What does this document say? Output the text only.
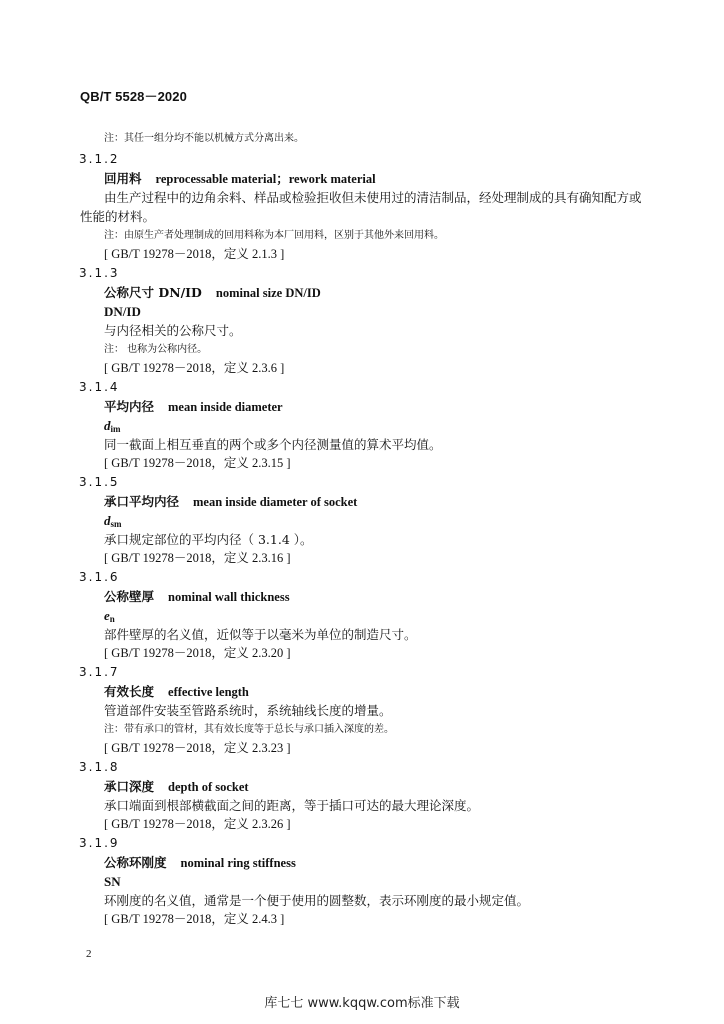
QB/T 5528－2020
注：其任一组分均不能以机械方式分离出来。
3.1.2
回用料 reprocessable material；rework material
由生产过程中的边角余料、样品或检验拒收但未使用过的清洁制品，经处理制成的具有确知配方或
性能的材料。
注：由原生产者处理制成的回用料称为本厂回用料，区别于其他外来回用料。
[ GB/T 19278－2018，定义 2.1.3 ]
3.1.3
公称尺寸 DN/ID nominal size DN/ID
DN/ID
与内径相关的公称尺寸。
注： 也称为公称内径。
[ GB/T 19278－2018，定义 2.3.6 ]
3.1.4
平均内径 mean inside diameter
dim
同一截面上相互垂直的两个或多个内径测量值的算术平均值。
[ GB/T 19278－2018，定义 2.3.15 ]
3.1.5
承口平均内径 mean inside diameter of socket
dsm
承口规定部位的平均内径（ 3.1.4 ）。
[ GB/T 19278－2018，定义 2.3.16 ]
3.1.6
公称壁厚 nominal wall thickness
en
部件壁厚的名义值，近似等于以毫米为单位的制造尺寸。
[ GB/T 19278－2018，定义 2.3.20 ]
3.1.7
有效长度 effective length
管道部件安装至管路系统时，系统轴线长度的增量。
注：带有承口的管材，其有效长度等于总长与承口插入深度的差。
[ GB/T 19278－2018，定义 2.3.23 ]
3.1.8
承口深度 depth of socket
承口端面到根部横截面之间的距离，等于插口可达的最大理论深度。
[ GB/T 19278－2018，定义 2.3.26 ]
3.1.9
公称环刚度 nominal ring stiffness
SN
环刚度的名义值，通常是一个便于使用的圆整数，表示环刚度的最小规定值。
[ GB/T 19278－2018，定义 2.4.3 ]
2
库七七 www.kqqw.com标准下载
